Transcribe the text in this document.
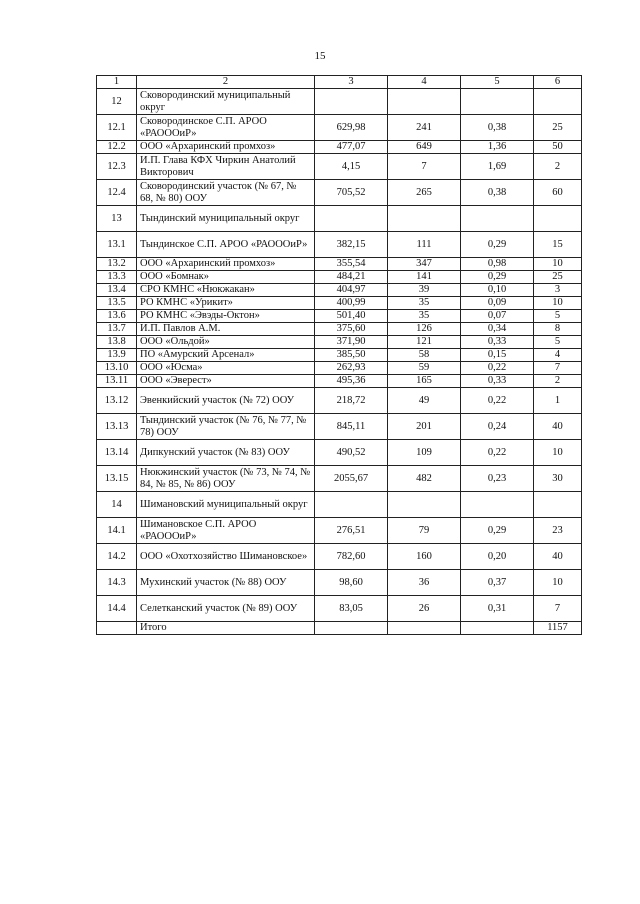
15
1	2	3	4	5	6
12	Сковородинский муниципальный округ				
12.1	Сковородинское С.П. АРОО «РАОООиР»	629,98	241	0,38	25
12.2	ООО «Архаринский промхоз»	477,07	649	1,36	50
12.3	И.П. Глава КФХ Чиркин Анатолий Викторович	4,15	7	1,69	2
12.4	Сковородинский участок (№ 67, № 68, № 80) ООУ	705,52	265	0,38	60
13	Тындинский муниципальный округ				
13.1	Тындинское С.П. АРОО «РАОООиР»	382,15	111	0,29	15
13.2	ООО «Архаринский промхоз»	355,54	347	0,98	10
13.3	ООО «Бомнак»	484,21	141	0,29	25
13.4	СРО КМНС «Нюкжакан»	404,97	39	0,10	3
13.5	РО КМНС «Урикит»	400,99	35	0,09	10
13.6	РО КМНС «Эвэды-Октон»	501,40	35	0,07	5
13.7	И.П. Павлов А.М.	375,60	126	0,34	8
13.8	ООО «Ольдой»	371,90	121	0,33	5
13.9	ПО «Амурский Арсенал»	385,50	58	0,15	4
13.10	ООО «Юсма»	262,93	59	0,22	7
13.11	ООО «Эверест»	495,36	165	0,33	2
13.12	Эвенкийский участок (№ 72) ООУ	218,72	49	0,22	1
13.13	Тындинский участок (№ 76, № 77, № 78) ООУ	845,11	201	0,24	40
13.14	Дипкунский участок (№ 83) ООУ	490,52	109	0,22	10
13.15	Нюкжинский участок (№ 73, № 74, № 84, № 85, № 86) ООУ	2055,67	482	0,23	30
14	Шимановский муниципальный округ				
14.1	Шимановское С.П. АРОО «РАОООиР»	276,51	79	0,29	23
14.2	ООО «Охотхозяйство Шимановское»	782,60	160	0,20	40
14.3	Мухинский участок (№ 88) ООУ	98,60	36	0,37	10
14.4	Селетканский участок (№ 89) ООУ	83,05	26	0,31	7
	Итого				1157
